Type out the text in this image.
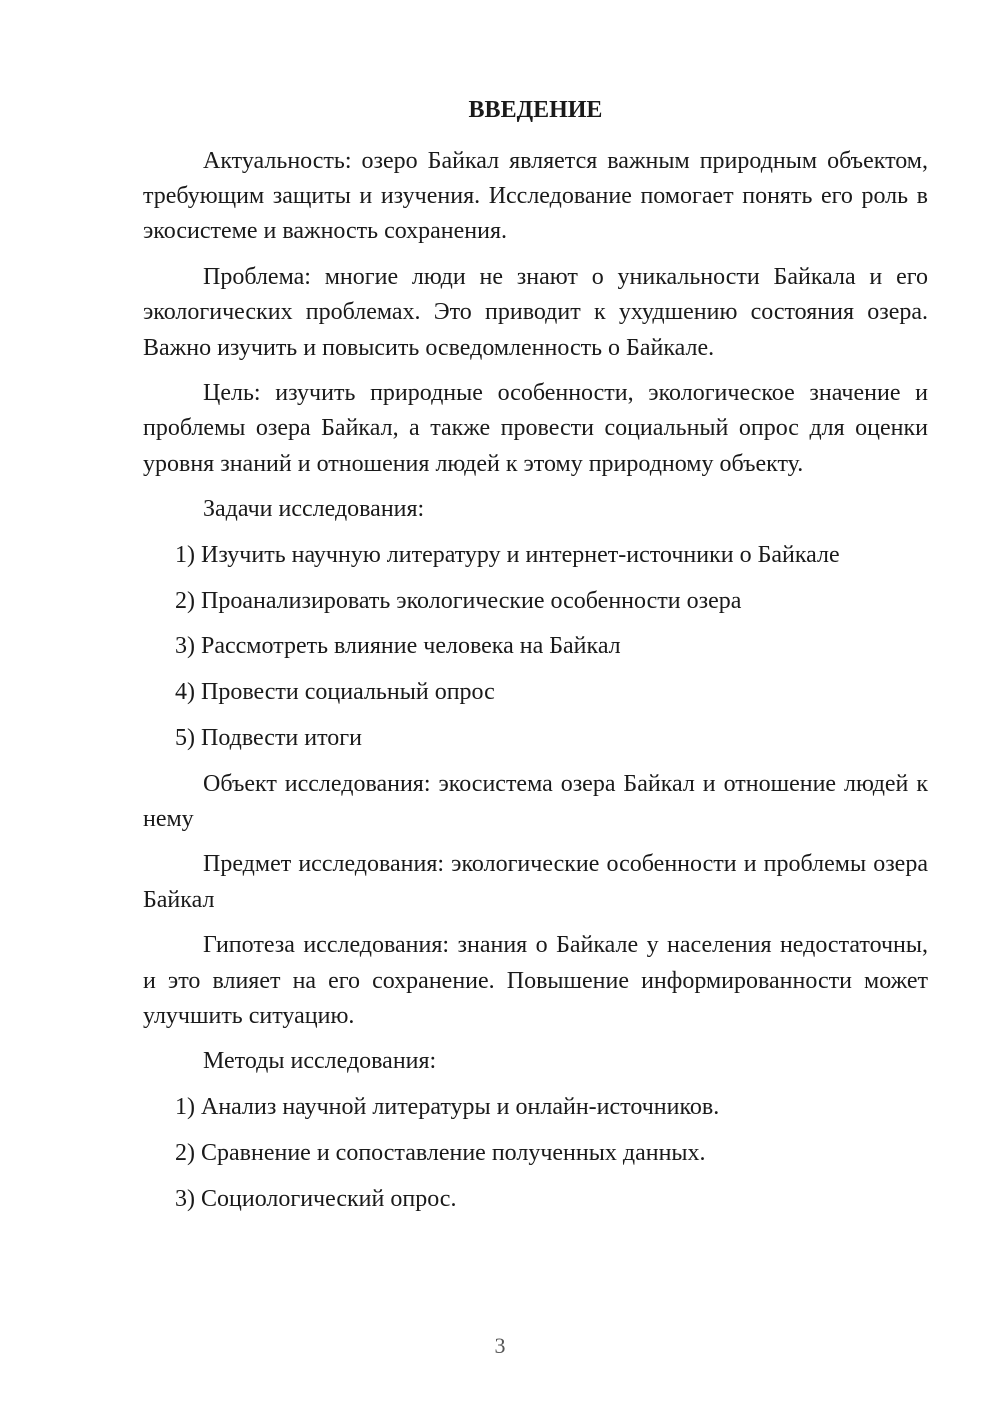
ВВЕДЕНИЕ
Актуальность: озеро Байкал является важным природным объектом, требующим защиты и изучения. Исследование помогает понять его роль в экосистеме и важность сохранения.
Проблема: многие люди не знают о уникальности Байкала и его экологических проблемах. Это приводит к ухудшению состояния озера. Важно изучить и повысить осведомленность о Байкале.
Цель: изучить природные особенности, экологическое значение и проблемы озера Байкал, а также провести социальный опрос для оценки уровня знаний и отношения людей к этому природному объекту.
Задачи исследования:
1) Изучить научную литературу и интернет-источники о Байкале
2) Проанализировать экологические особенности озера
3) Рассмотреть влияние человека на Байкал
4) Провести социальный опрос
5) Подвести итоги
Объект исследования: экосистема озера Байкал и отношение людей к нему
Предмет исследования: экологические особенности и проблемы озера Байкал
Гипотеза исследования: знания о Байкале у населения недостаточны, и это влияет на его сохранение. Повышение информированности может улучшить ситуацию.
Методы исследования:
1) Анализ научной литературы и онлайн-источников.
2) Сравнение и сопоставление полученных данных.
3) Социологический опрос.
3
